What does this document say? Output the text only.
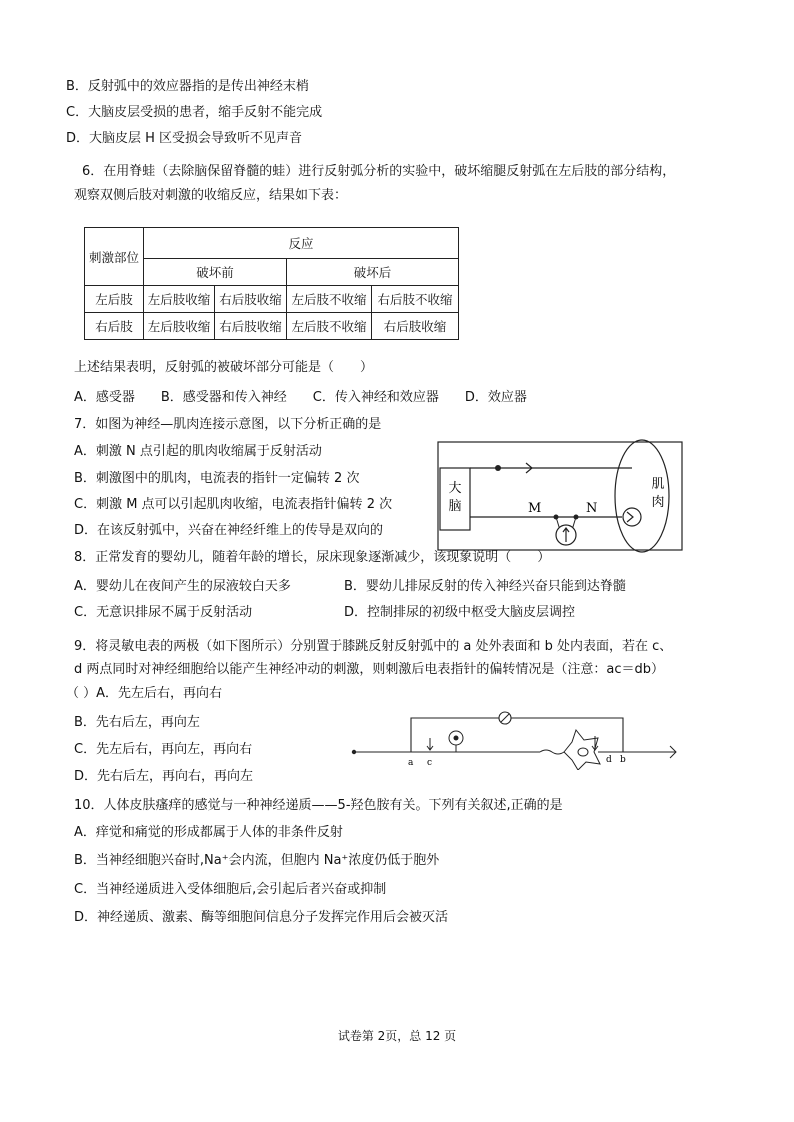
B．反射弧中的效应器指的是传出神经末梢
C．大脑皮层受损的患者，缩手反射不能完成
D．大脑皮层 H 区受损会导致听不见声音
6．在用脊蛙（去除脑保留脊髓的蛙）进行反射弧分析的实验中，破坏缩腿反射弧在左后肢的部分结构，
观察双侧后肢对刺激的收缩反应，结果如下表：
刺激部位	反应			
	破坏前		破坏后	
左后肢	左后肢收缩	右后肢收缩	左后肢不收缩	右后肢不收缩
右后肢	左后肢收缩	右后肢收缩	左后肢不收缩	右后肢收缩
上述结果表明，反射弧的被破坏部分可能是（　　）
A．感受器　　B．感受器和传入神经　　C．传入神经和效应器　　D．效应器
7．如图为神经—肌肉连接示意图，以下分析正确的是
A．刺激 N 点引起的肌肉收缩属于反射活动
B．刺激图中的肌肉，电流表的指针一定偏转 2 次
C．刺激 M 点可以引起肌肉收缩，电流表指针偏转 2 次
D．在该反射弧中，兴奋在神经纤维上的传导是双向的
大
脑
肌
肉
M	N
8．正常发育的婴幼儿，随着年龄的增长，尿床现象逐渐减少，该现象说明（　　）
A．婴幼儿在夜间产生的尿液较白天多	B．婴幼儿排尿反射的传入神经兴奋只能到达脊髓
C．无意识排尿不属于反射活动	D．控制排尿的初级中枢受大脑皮层调控
9．将灵敏电表的两极（如下图所示）分别置于膝跳反射反射弧中的 a 处外表面和 b 处内表面，若在 c、
d 两点同时对神经细胞给以能产生神经冲动的刺激，则刺激后电表指针的偏转情况是（注意：ac＝db）
（ ）A．先左后右，再向右
B．先右后左，再向左
C．先左后右，再向左，再向右
D．先右后左，再向右，再向左
a c	d b
10．人体皮肤瘙痒的感觉与一种神经递质——5-羟色胺有关。下列有关叙述,正确的是
A．痒觉和痛觉的形成都属于人体的非条件反射
B．当神经细胞兴奋时,Na⁺会内流，但胞内 Na⁺浓度仍低于胞外
C．当神经递质进入受体细胞后,会引起后者兴奋或抑制
D．神经递质、激素、酶等细胞间信息分子发挥完作用后会被灭活
试卷第 2页，总 12 页
